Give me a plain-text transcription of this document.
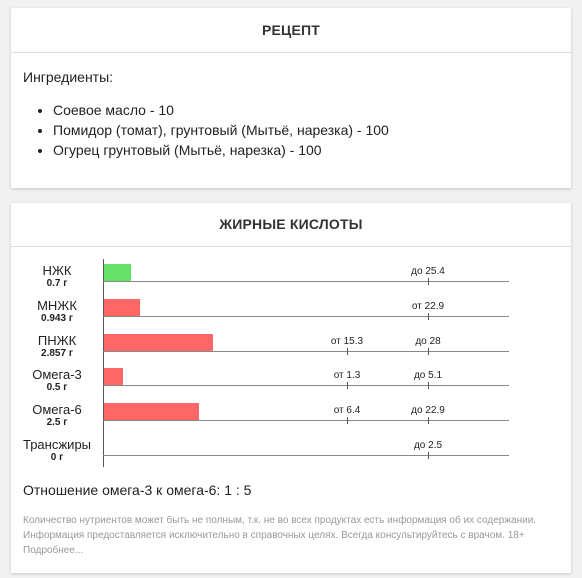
РЕЦЕПТ
Ингредиенты:
• Соевое масло - 10
• Помидор (томат), грунтовый (Мытьё, нарезка) - 100
• Огурец грунтовый (Мытьё, нарезка) - 100
ЖИРНЫЕ КИСЛОТЫ
НЖК
0.7 г
до 25.4
МНЖК
0.943 г
от 22.9
ПНЖК
2.857 г
от 15.3	до 28
Омега-3
0.5 г
от 1.3	до 5.1
Омега-6
2.5 г
от 6.4	до 22.9
Трансжиры
0 г
до 2.5
Отношение омега-3 к омега-6: 1 : 5
Количество нутриентов может быть не полным, т.к. не во всех продуктах есть информация об их содержании. Информация предоставляется исключительно в справочных целях. Всегда консультируйтесь с врачом. 18+ Подробнее...
